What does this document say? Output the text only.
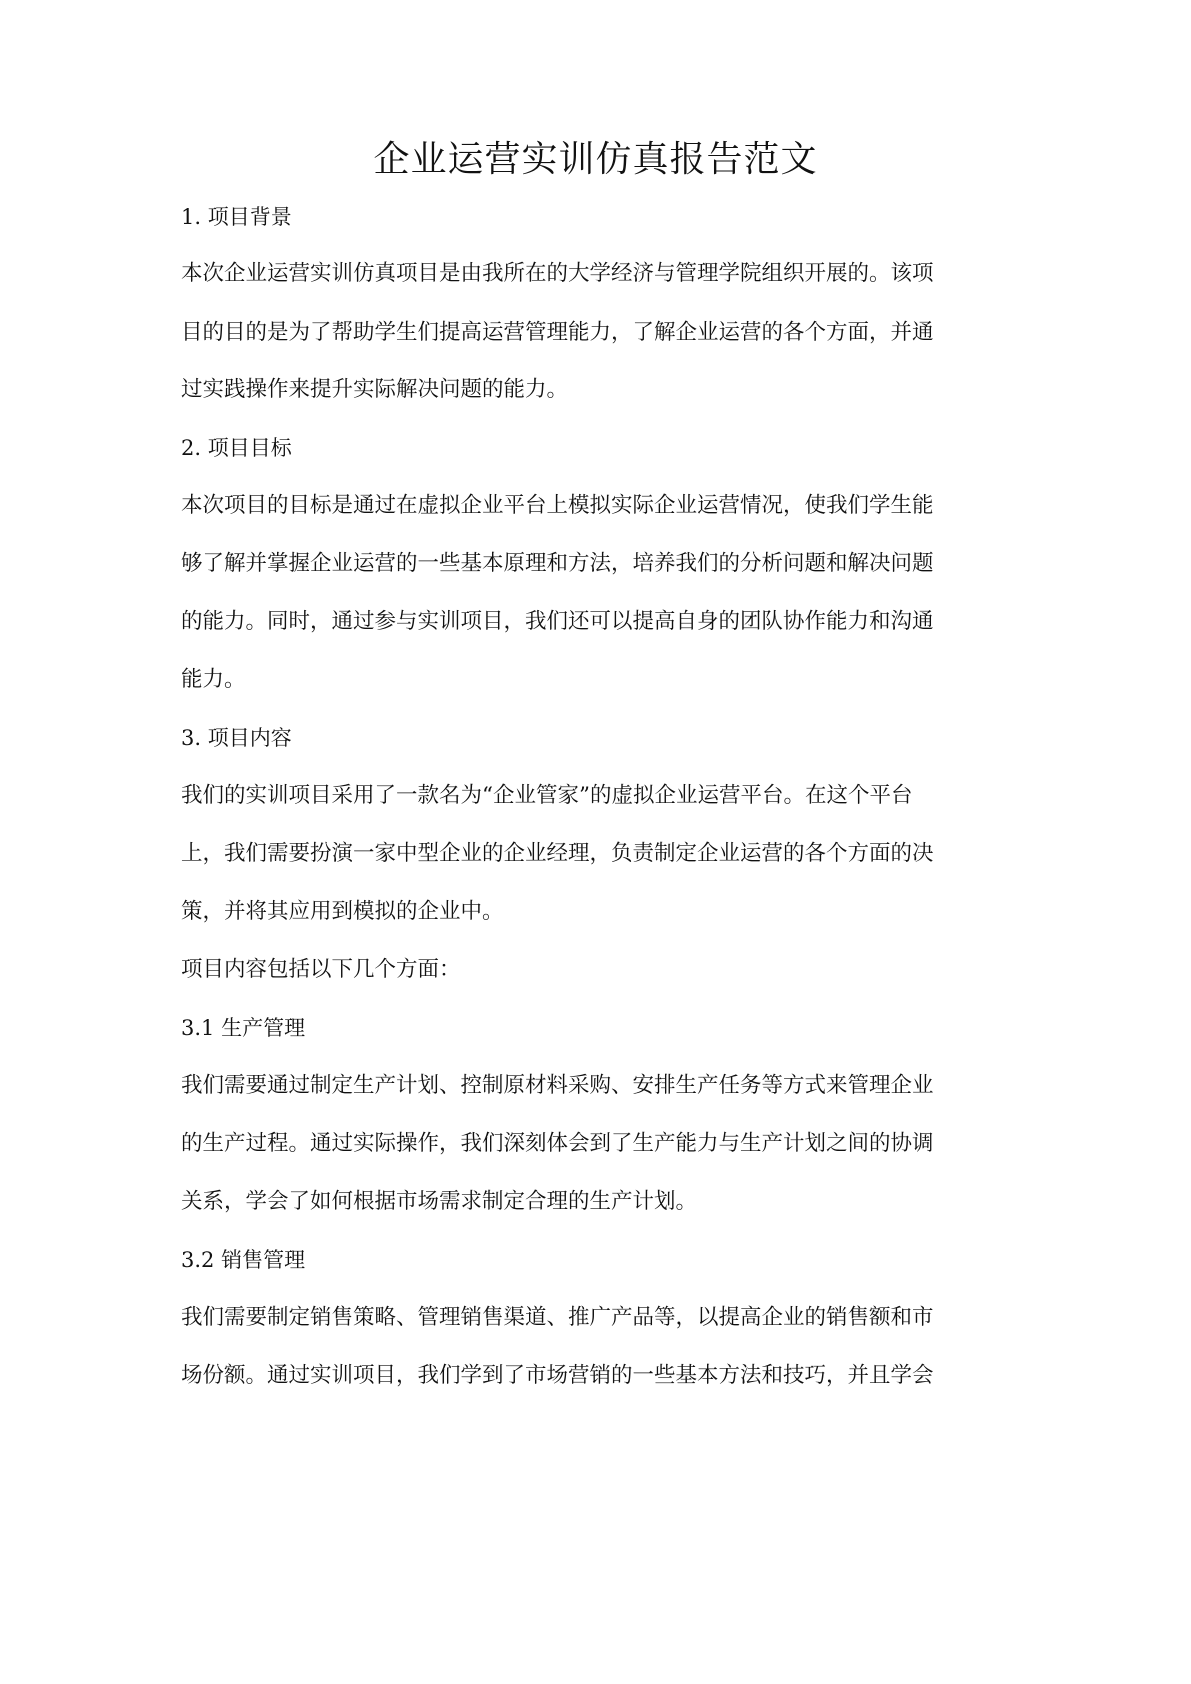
企业运营实训仿真报告范文

1. 项目背景

本次企业运营实训仿真项目是由我所在的大学经济与管理学院组织开展的。该项

目的目的是为了帮助学生们提高运营管理能力，了解企业运营的各个方面，并通

过实践操作来提升实际解决问题的能力。

2. 项目目标

本次项目的目标是通过在虚拟企业平台上模拟实际企业运营情况，使我们学生能

够了解并掌握企业运营的一些基本原理和方法，培养我们的分析问题和解决问题

的能力。同时，通过参与实训项目，我们还可以提高自身的团队协作能力和沟通

能力。

3. 项目内容

我们的实训项目采用了一款名为“企业管家”的虚拟企业运营平台。在这个平台

上，我们需要扮演一家中型企业的企业经理，负责制定企业运营的各个方面的决

策，并将其应用到模拟的企业中。

项目内容包括以下几个方面：

3.1 生产管理

我们需要通过制定生产计划、控制原材料采购、安排生产任务等方式来管理企业

的生产过程。通过实际操作，我们深刻体会到了生产能力与生产计划之间的协调

关系，学会了如何根据市场需求制定合理的生产计划。

3.2 销售管理

我们需要制定销售策略、管理销售渠道、推广产品等，以提高企业的销售额和市

场份额。通过实训项目，我们学到了市场营销的一些基本方法和技巧，并且学会
